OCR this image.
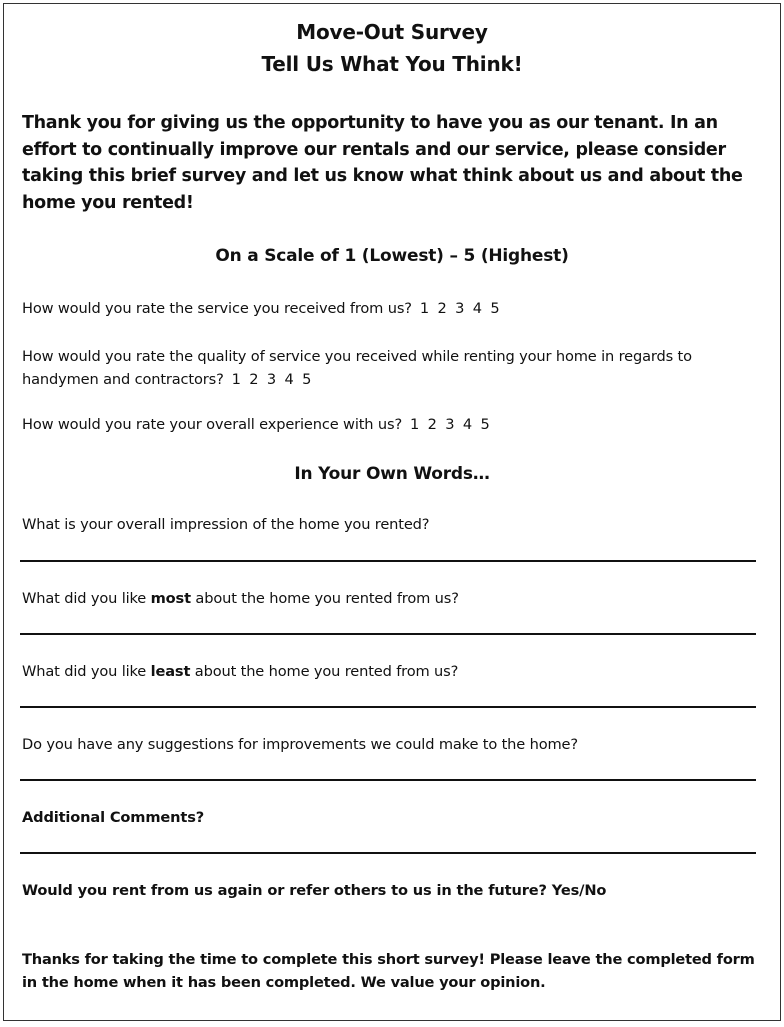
Move-Out Survey
Tell Us What You Think!
Thank you for giving us the opportunity to have you as our tenant. In an effort to continually improve our rentals and our service, please consider taking this brief survey and let us know what think about us and about the home you rented!
On a Scale of 1 (Lowest) – 5 (Highest)
How would you rate the service you received from us? 1 2 3 4 5
How would you rate the quality of service you received while renting your home in regards to handymen and contractors? 1 2 3 4 5
How would you rate your overall experience with us? 1 2 3 4 5
In Your Own Words…
What is your overall impression of the home you rented?
What did you like most about the home you rented from us?
What did you like least about the home you rented from us?
Do you have any suggestions for improvements we could make to the home?
Additional Comments?
Would you rent from us again or refer others to us in the future? Yes/No
Thanks for taking the time to complete this short survey! Please leave the completed form in the home when it has been completed. We value your opinion.
